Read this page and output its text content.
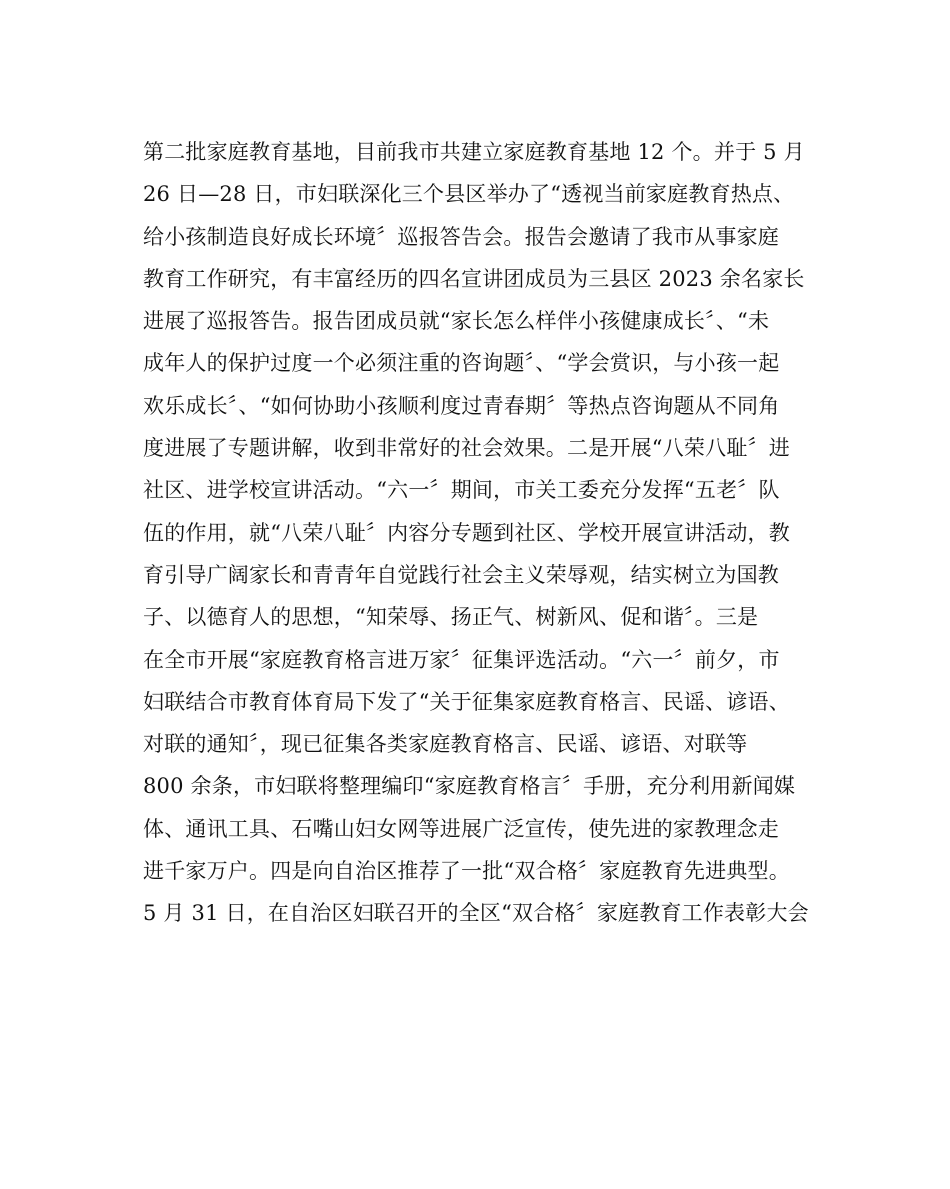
第二批家庭教育基地，目前我市共建立家庭教育基地 12 个。并于 5 月
26 日—28 日，市妇联深化三个县区举办了“透视当前家庭教育热点、
给小孩制造良好成长环境〞巡报答告会。报告会邀请了我市从事家庭
教育工作研究，有丰富经历的四名宣讲团成员为三县区 2023 余名家长
进展了巡报答告。报告团成员就“家长怎么样伴小孩健康成长〞、“未
成年人的保护过度一个必须注重的咨询题〞、“学会赏识，与小孩一起
欢乐成长〞、“如何协助小孩顺利度过青春期〞等热点咨询题从不同角
度进展了专题讲解，收到非常好的社会效果。二是开展“八荣八耻〞进
社区、进学校宣讲活动。“六一〞期间，市关工委充分发挥“五老〞队
伍的作用，就“八荣八耻〞内容分专题到社区、学校开展宣讲活动，教
育引导广阔家长和青青年自觉践行社会主义荣辱观，结实树立为国教
子、以德育人的思想，“知荣辱、扬正气、树新风、促和谐〞。三是
在全市开展“家庭教育格言进万家〞征集评选活动。“六一〞前夕，市
妇联结合市教育体育局下发了“关于征集家庭教育格言、民谣、谚语、
对联的通知〞，现已征集各类家庭教育格言、民谣、谚语、对联等
800 余条，市妇联将整理编印“家庭教育格言〞手册，充分利用新闻媒
体、通讯工具、石嘴山妇女网等进展广泛宣传，使先进的家教理念走
进千家万户。四是向自治区推荐了一批“双合格〞家庭教育先进典型。
5 月 31 日，在自治区妇联召开的全区“双合格〞家庭教育工作表彰大会
